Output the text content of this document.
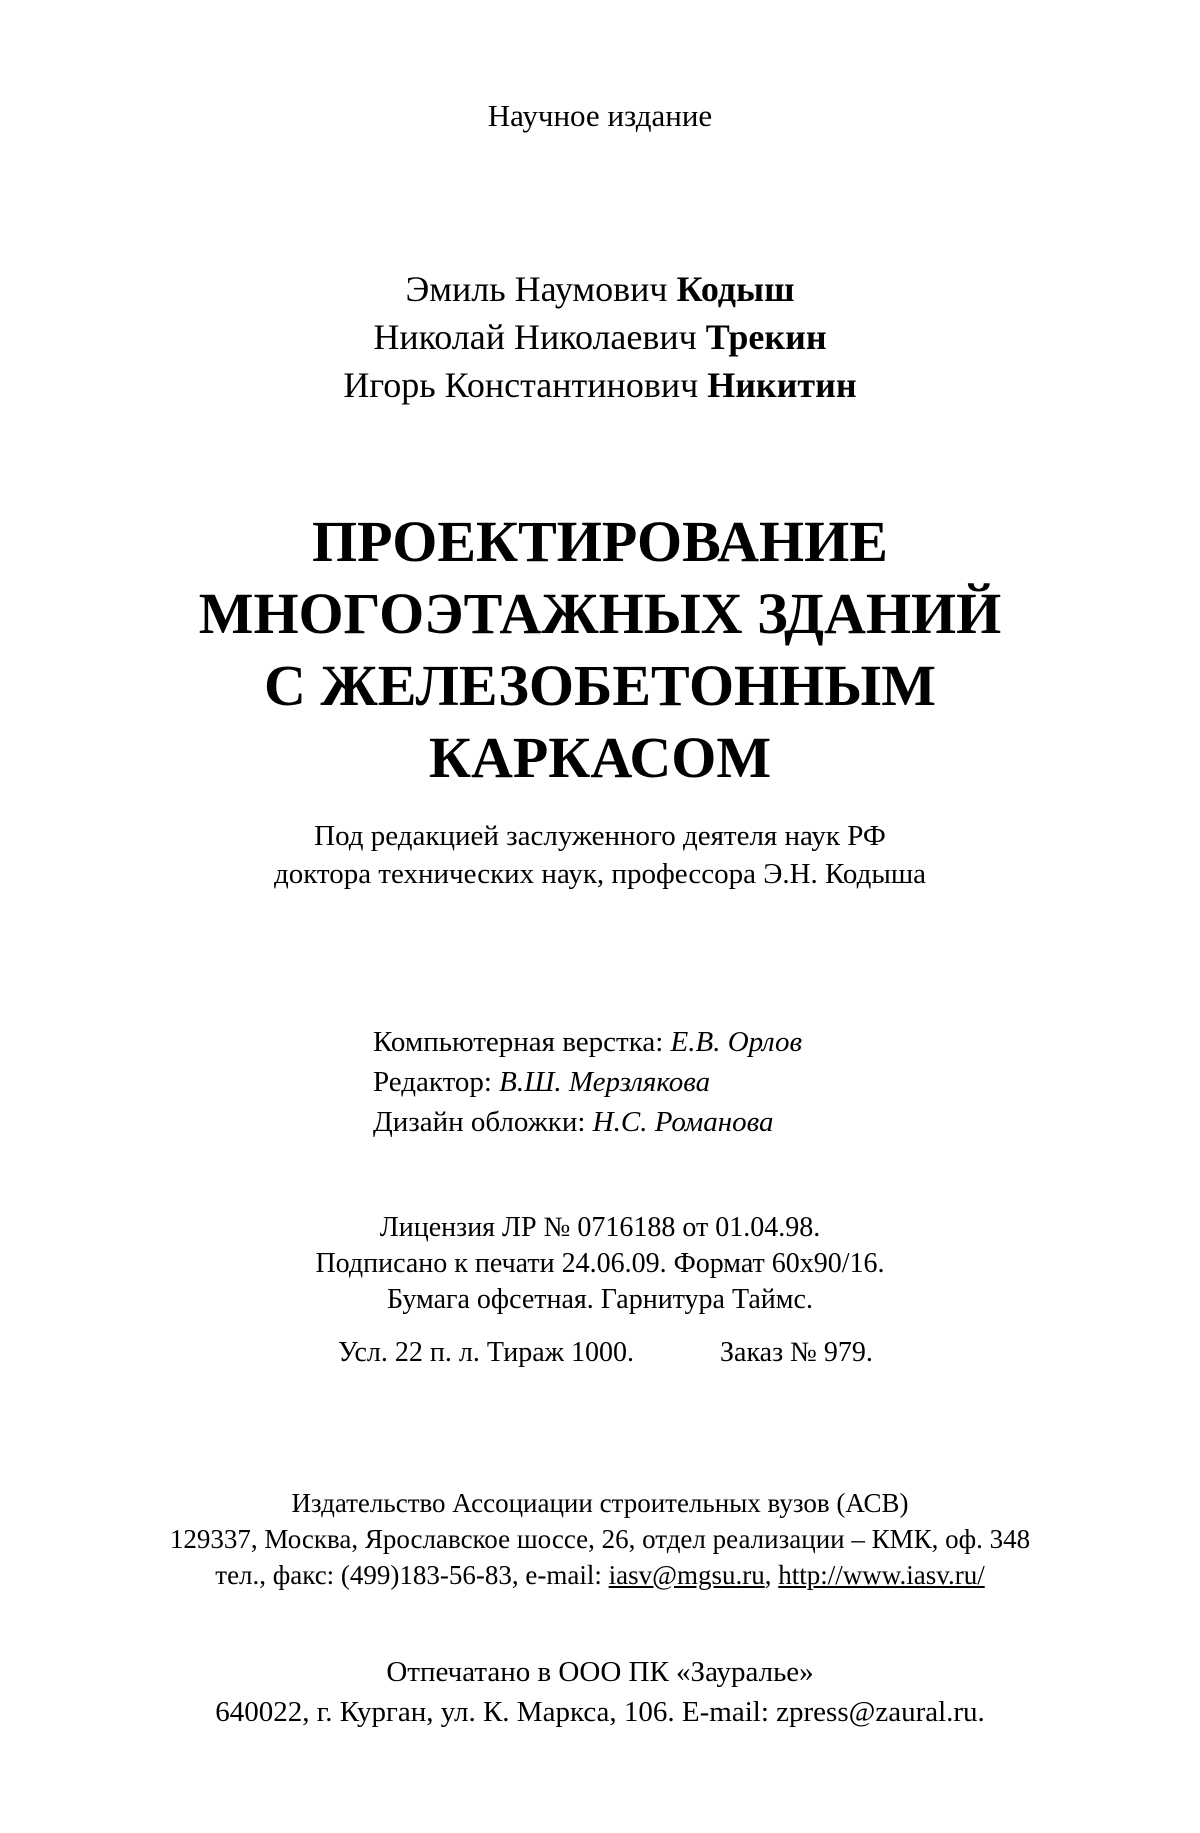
Научное издание
Эмиль Наумович Кодыш
Николай Николаевич Трекин
Игорь Константинович Никитин
ПРОЕКТИРОВАНИЕ
МНОГОЭТАЖНЫХ ЗДАНИЙ
С ЖЕЛЕЗОБЕТОННЫМ
КАРКАСОМ
Под редакцией заслуженного деятеля наук РФ
доктора технических наук, профессора Э.Н. Кодыша
Компьютерная верстка: Е.В. Орлов
Редактор: В.Ш. Мерзлякова
Дизайн обложки: Н.С. Романова
Лицензия ЛР № 0716188 от 01.04.98.
Подписано к печати 24.06.09. Формат 60x90/16.
Бумага офсетная. Гарнитура Таймс.
Усл. 22 п. л. Тираж 1000.	Заказ № 979.
Издательство Ассоциации строительных вузов (АСВ)
129337, Москва, Ярославское шоссе, 26, отдел реализации – КМК, оф. 348
тел., факс: (499)183-56-83, e-mail: iasv@mgsu.ru, http://www.iasv.ru/
Отпечатано в ООО ПК «Зауралье»
640022, г. Курган, ул. К. Маркса, 106. E-mail: zpress@zaural.ru.
